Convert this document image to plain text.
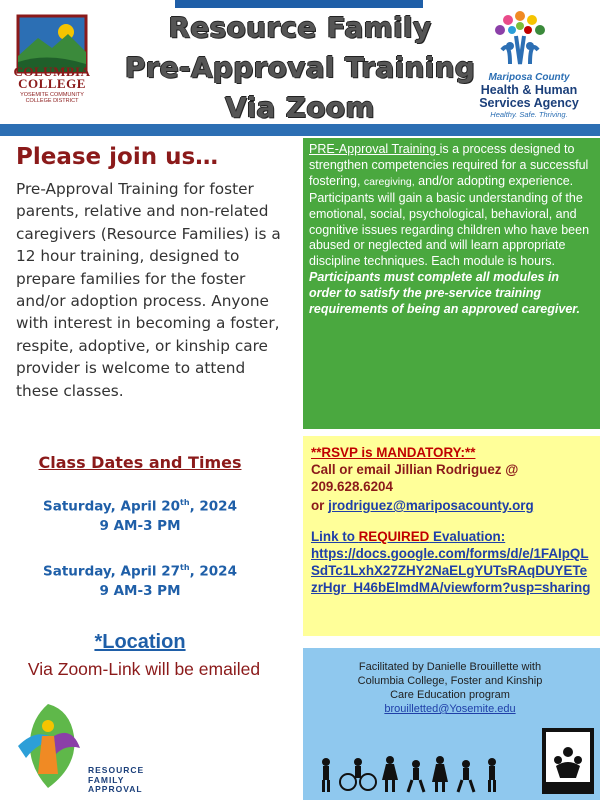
Resource Family
Pre-Approval Training
Via Zoom
COLUMBIA
COLLEGE
YOSEMITE COMMUNITY
COLLEGE DISTRICT
Mariposa County
Health & Human
Services Agency
Healthy. Safe. Thriving.
Please join us…
Pre-Approval Training for foster parents, relative and non-related caregivers (Resource Families) is a 12 hour training, designed to prepare families for the foster and/or adoption process. Anyone with interest in becoming a foster, respite, adoptive, or kinship care provider is welcome to attend these classes.
Class Dates and Times
Saturday, April 20th, 2024
9 AM-3 PM
Saturday, April 27th, 2024
9 AM-3 PM
*Location
Via Zoom-Link will be emailed
RESOURCE
FAMILY
APPROVAL
PRE-Approval Training is a process designed to strengthen competencies required for a successful fostering, caregiving, and/or adopting experience. Participants will gain a basic understanding of the emotional, social, psychological, behavioral, and cognitive issues regarding children who have been abused or neglected and will learn appropriate discipline techniques. Each module is hours. Participants must complete all modules in order to satisfy the pre-service training requirements of being an approved caregiver.
**RSVP is MANDATORY:**
Call or email Jillian Rodriguez @
209.628.6204
or jrodriguez@mariposacounty.org
Link to REQUIRED Evaluation:
https://docs.google.com/forms/d/e/1FAIpQLSdTc1LxhX27ZHY2NaELgYUTsRAqDUYETezrHgr_H46bElmdMA/viewform?usp=sharing
Facilitated by Danielle Brouillette with
Columbia College, Foster and Kinship
Care Education program
brouilletted@Yosemite.edu
